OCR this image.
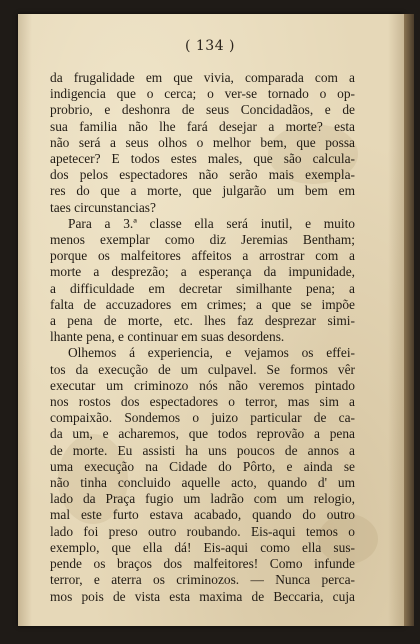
( 134 )
da frugalidade em que vivia, comparada com a
indigencia que o cerca; o ver-se tornado o op-
probrio, e deshonra de seus Concidadãos, e de
sua familia não lhe fará desejar a morte? esta
não será a seus olhos o melhor bem, que possa
apetecer? E todos estes males, que são calcula-
dos pelos espectadores não serão mais exempla-
res do que a morte, que julgarão um bem em
taes circunstancias?
Para a 3.ª classe ella será inutil, e muito
menos exemplar como diz Jeremias Bentham;
porque os malfeitores affeitos a arrostrar com a
morte a desprezão; a esperança da impunidade,
a difficuldade em decretar similhante pena; a
falta de accuzadores em crimes; a que se impõe
a pena de morte, etc. lhes faz desprezar simi-
lhante pena, e continuar em suas desordens.
Olhemos á experiencia, e vejamos os effei-
tos da execução de um culpavel. Se formos vêr
executar um criminozo nós não veremos pintado
nos rostos dos espectadores o terror, mas sim a
compaixão. Sondemos o juizo particular de ca-
da um, e acharemos, que todos reprovão a pena
de morte. Eu assisti ha uns poucos de annos a
uma execução na Cidade do Pôrto, e ainda se
não tinha concluido aquelle acto, quando d' um
lado da Praça fugio um ladrão com um relogio,
mal este furto estava acabado, quando do outro
lado foi preso outro roubando. Eis-aqui temos o
exemplo, que ella dá! Eis-aqui como ella sus-
pende os braços dos malfeitores! Como infunde
terror, e aterra os criminozos. — Nunca perca-
mos pois de vista esta maxima de Beccaria, cuja
